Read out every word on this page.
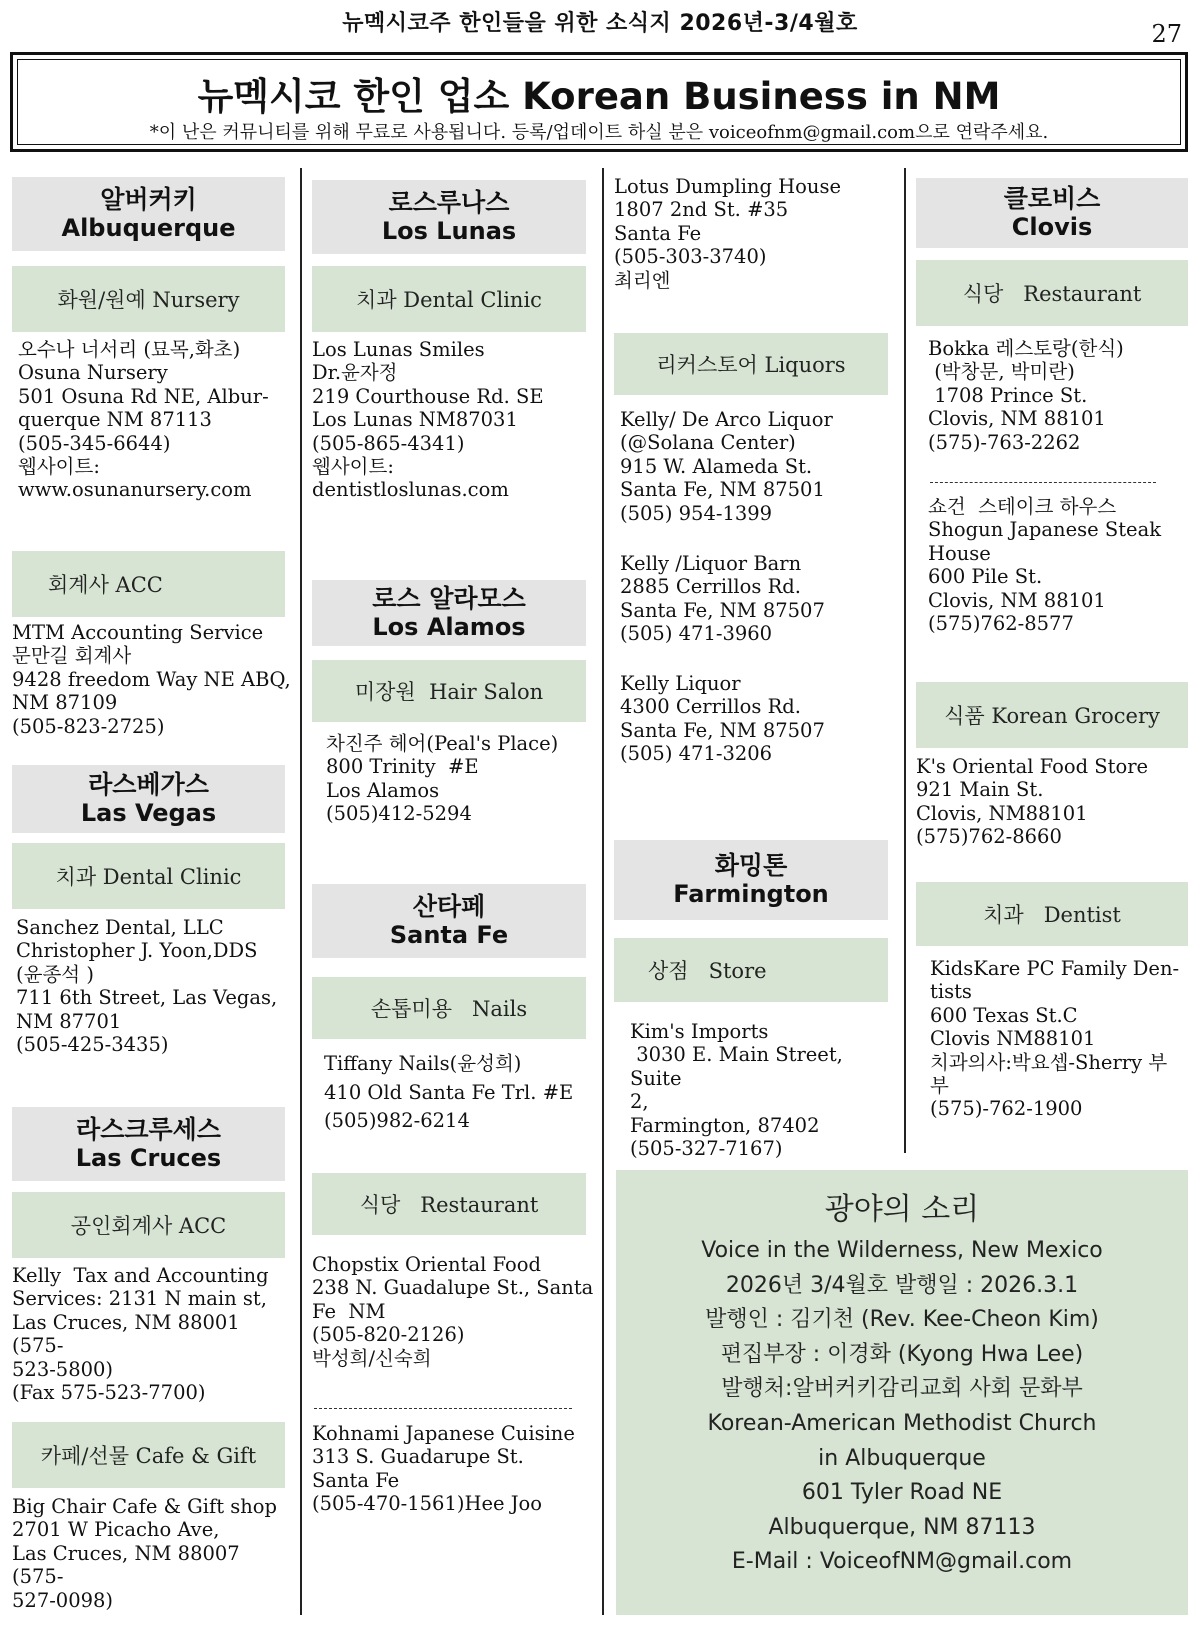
뉴멕시코주 한인들을 위한 소식지 2026년-3/4월호	27
뉴멕시코 한인 업소 Korean Business in NM
*이 난은 커뮤니티를 위해 무료로 사용됩니다. 등록/업데이트 하실 분은 voiceofnm@gmail.com으로 연락주세요.
알버커키
Albuquerque
화원/원예 Nursery
오수나 너서리 (묘목,화초)
Osuna Nursery
501 Osuna Rd NE, Albur-
querque NM 87113
(505-345-6644)
웹사이트:
www.osunanursery.com
회계사 ACC
MTM Accounting Service
문만길 회계사
9428 freedom Way NE ABQ,
NM 87109
(505-823-2725)
라스베가스
Las Vegas
치과 Dental Clinic
Sanchez Dental, LLC
Christopher J. Yoon,DDS
(윤종석 )
711 6th Street, Las Vegas,
NM 87701
(505-425-3435)
라스크루세스
Las Cruces
공인회계사 ACC
Kelly  Tax and Accounting
Services: 2131 N main st,
Las Cruces, NM 88001 (575-
523-5800)
(Fax 575-523-7700)
카페/선물 Cafe & Gift
Big Chair Cafe & Gift shop
2701 W Picacho Ave,
Las Cruces, NM 88007 (575-
527-0098)
로스루나스
Los Lunas
치과 Dental Clinic
Los Lunas Smiles
Dr.윤자정
219 Courthouse Rd. SE
Los Lunas NM87031
(505-865-4341)
웹사이트:
dentistloslunas.com
로스 알라모스
Los Alamos
미장원  Hair Salon
차진주 헤어(Peal's Place)
800 Trinity  #E
Los Alamos
(505)412-5294
산타페
Santa Fe
손톱미용   Nails
Tiffany Nails(윤성희)
410 Old Santa Fe Trl. #E
(505)982-6214
식당   Restaurant
Chopstix Oriental Food
238 N. Guadalupe St., Santa
Fe  NM
(505-820-2126)
박성희/신숙희
Kohnami Japanese Cuisine
313 S. Guadarupe St.
Santa Fe
(505-470-1561)Hee Joo
Lotus Dumpling House
1807 2nd St. #35
Santa Fe
(505-303-3740)
최리엔
리커스토어 Liquors
Kelly/ De Arco Liquor
(@Solana Center)
915 W. Alameda St.
Santa Fe, NM 87501
(505) 954-1399
Kelly /Liquor Barn
2885 Cerrillos Rd.
Santa Fe, NM 87507
(505) 471-3960
Kelly Liquor
4300 Cerrillos Rd.
Santa Fe, NM 87507
(505) 471-3206
화밍톤
Farmington
상점   Store
Kim's Imports
3030 E. Main Street, Suite
2,
Farmington, 87402
(505-327-7167)
클로비스
Clovis
식당   Restaurant
Bokka 레스토랑(한식)
(박창문, 박미란)
1708 Prince St.
Clovis, NM 88101
(575)-763-2262
쇼건  스테이크 하우스
Shogun Japanese Steak
House
600 Pile St.
Clovis, NM 88101
(575)762-8577
식품 Korean Grocery
K's Oriental Food Store
921 Main St.
Clovis, NM88101
(575)762-8660
치과   Dentist
KidsKare PC Family Den-
tists
600 Texas St.C
Clovis NM88101
치과의사:박요셉-Sherry 부
부
(575)-762-1900
광야의 소리
Voice in the Wilderness, New Mexico
2026년 3/4월호 발행일 : 2026.3.1
발행인 : 김기천 (Rev. Kee-Cheon Kim)
편집부장 : 이경화 (Kyong Hwa Lee)
발행처:알버커키감리교회 사회 문화부
Korean-American Methodist Church
in Albuquerque
601 Tyler Road NE
Albuquerque, NM 87113
E-Mail : VoiceofNM@gmail.com
